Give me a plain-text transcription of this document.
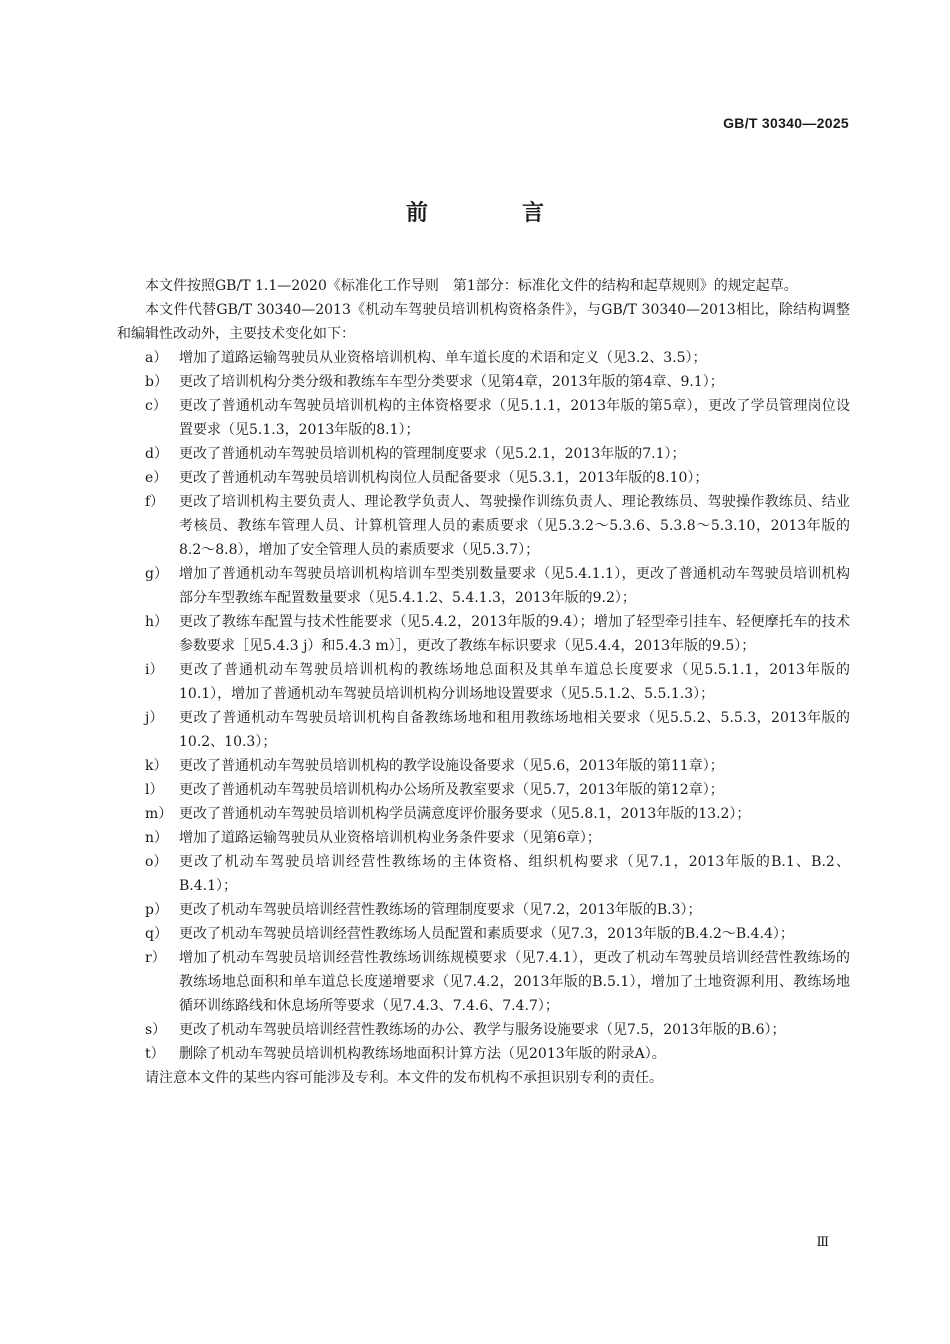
GB/T 30340—2025
前　言

本文件按照GB/T 1.1—2020《标准化工作导则　第1部分：标准化文件的结构和起草规则》的规定起草。

本文件代替GB/T 30340—2013《机动车驾驶员培训机构资格条件》，与GB/T 30340—2013相比，除结构调整和编辑性改动外，主要技术变化如下：

a） 增加了道路运输驾驶员从业资格培训机构、单车道长度的术语和定义（见3.2、3.5）；
b） 更改了培训机构分类分级和教练车车型分类要求（见第4章，2013年版的第4章、9.1）；
c） 更改了普通机动车驾驶员培训机构的主体资格要求（见5.1.1，2013年版的第5章），更改了学员管理岗位设置要求（见5.1.3，2013年版的8.1）；
d） 更改了普通机动车驾驶员培训机构的管理制度要求（见5.2.1，2013年版的7.1）；
e） 更改了普通机动车驾驶员培训机构岗位人员配备要求（见5.3.1，2013年版的8.10）；
f）	更改了培训机构主要负责人、理论教学负责人、驾驶操作训练负责人、理论教练员、驾驶操作教练员、结业考核员、教练车管理人员、计算机管理人员的素质要求（见5.3.2～5.3.6、5.3.8～5.3.10，2013年版的8.2～8.8），增加了安全管理人员的素质要求（见5.3.7）；
g） 增加了普通机动车驾驶员培训机构培训车型类别数量要求（见5.4.1.1），更改了普通机动车驾驶员培训机构部分车型教练车配置数量要求（见5.4.1.2、5.4.1.3，2013年版的9.2）；
h） 更改了教练车配置与技术性能要求（见5.4.2，2013年版的9.4）；增加了轻型牵引挂车、轻便摩托车的技术参数要求［见5.4.3 j）和5.4.3 m）］，更改了教练车标识要求（见5.4.4，2013年版的9.5）；
i）	更改了普通机动车驾驶员培训机构的教练场地总面积及其单车道总长度要求（见5.5.1.1，2013年版的10.1），增加了普通机动车驾驶员培训机构分训场地设置要求（见5.5.1.2、5.5.1.3）；
j）	更改了普通机动车驾驶员培训机构自备教练场地和租用教练场地相关要求（见5.5.2、5.5.3，2013年版的10.2、10.3）；
k） 更改了普通机动车驾驶员培训机构的教学设施设备要求（见5.6，2013年版的第11章）；
l）	更改了普通机动车驾驶员培训机构办公场所及教室要求（见5.7，2013年版的第12章）；
m） 更改了普通机动车驾驶员培训机构学员满意度评价服务要求（见5.8.1，2013年版的13.2）；
n） 增加了道路运输驾驶员从业资格培训机构业务条件要求（见第6章）；
o） 更改了机动车驾驶员培训经营性教练场的主体资格、组织机构要求（见7.1，2013年版的B.1、B.2、B.4.1）；
p） 更改了机动车驾驶员培训经营性教练场的管理制度要求（见7.2，2013年版的B.3）；
q） 更改了机动车驾驶员培训经营性教练场人员配置和素质要求（见7.3，2013年版的B.4.2～B.4.4）；
r） 增加了机动车驾驶员培训经营性教练场训练规模要求（见7.4.1），更改了机动车驾驶员培训经营性教练场的教练场地总面积和单车道总长度递增要求（见7.4.2，2013年版的B.5.1），增加了土地资源利用、教练场地循环训练路线和休息场所等要求（见7.4.3、7.4.6、7.4.7）；
s） 更改了机动车驾驶员培训经营性教练场的办公、教学与服务设施要求（见7.5，2013年版的B.6）；
t）	删除了机动车驾驶员培训机构教练场地面积计算方法（见2013年版的附录A）。

请注意本文件的某些内容可能涉及专利。本文件的发布机构不承担识别专利的责任。

Ⅲ
